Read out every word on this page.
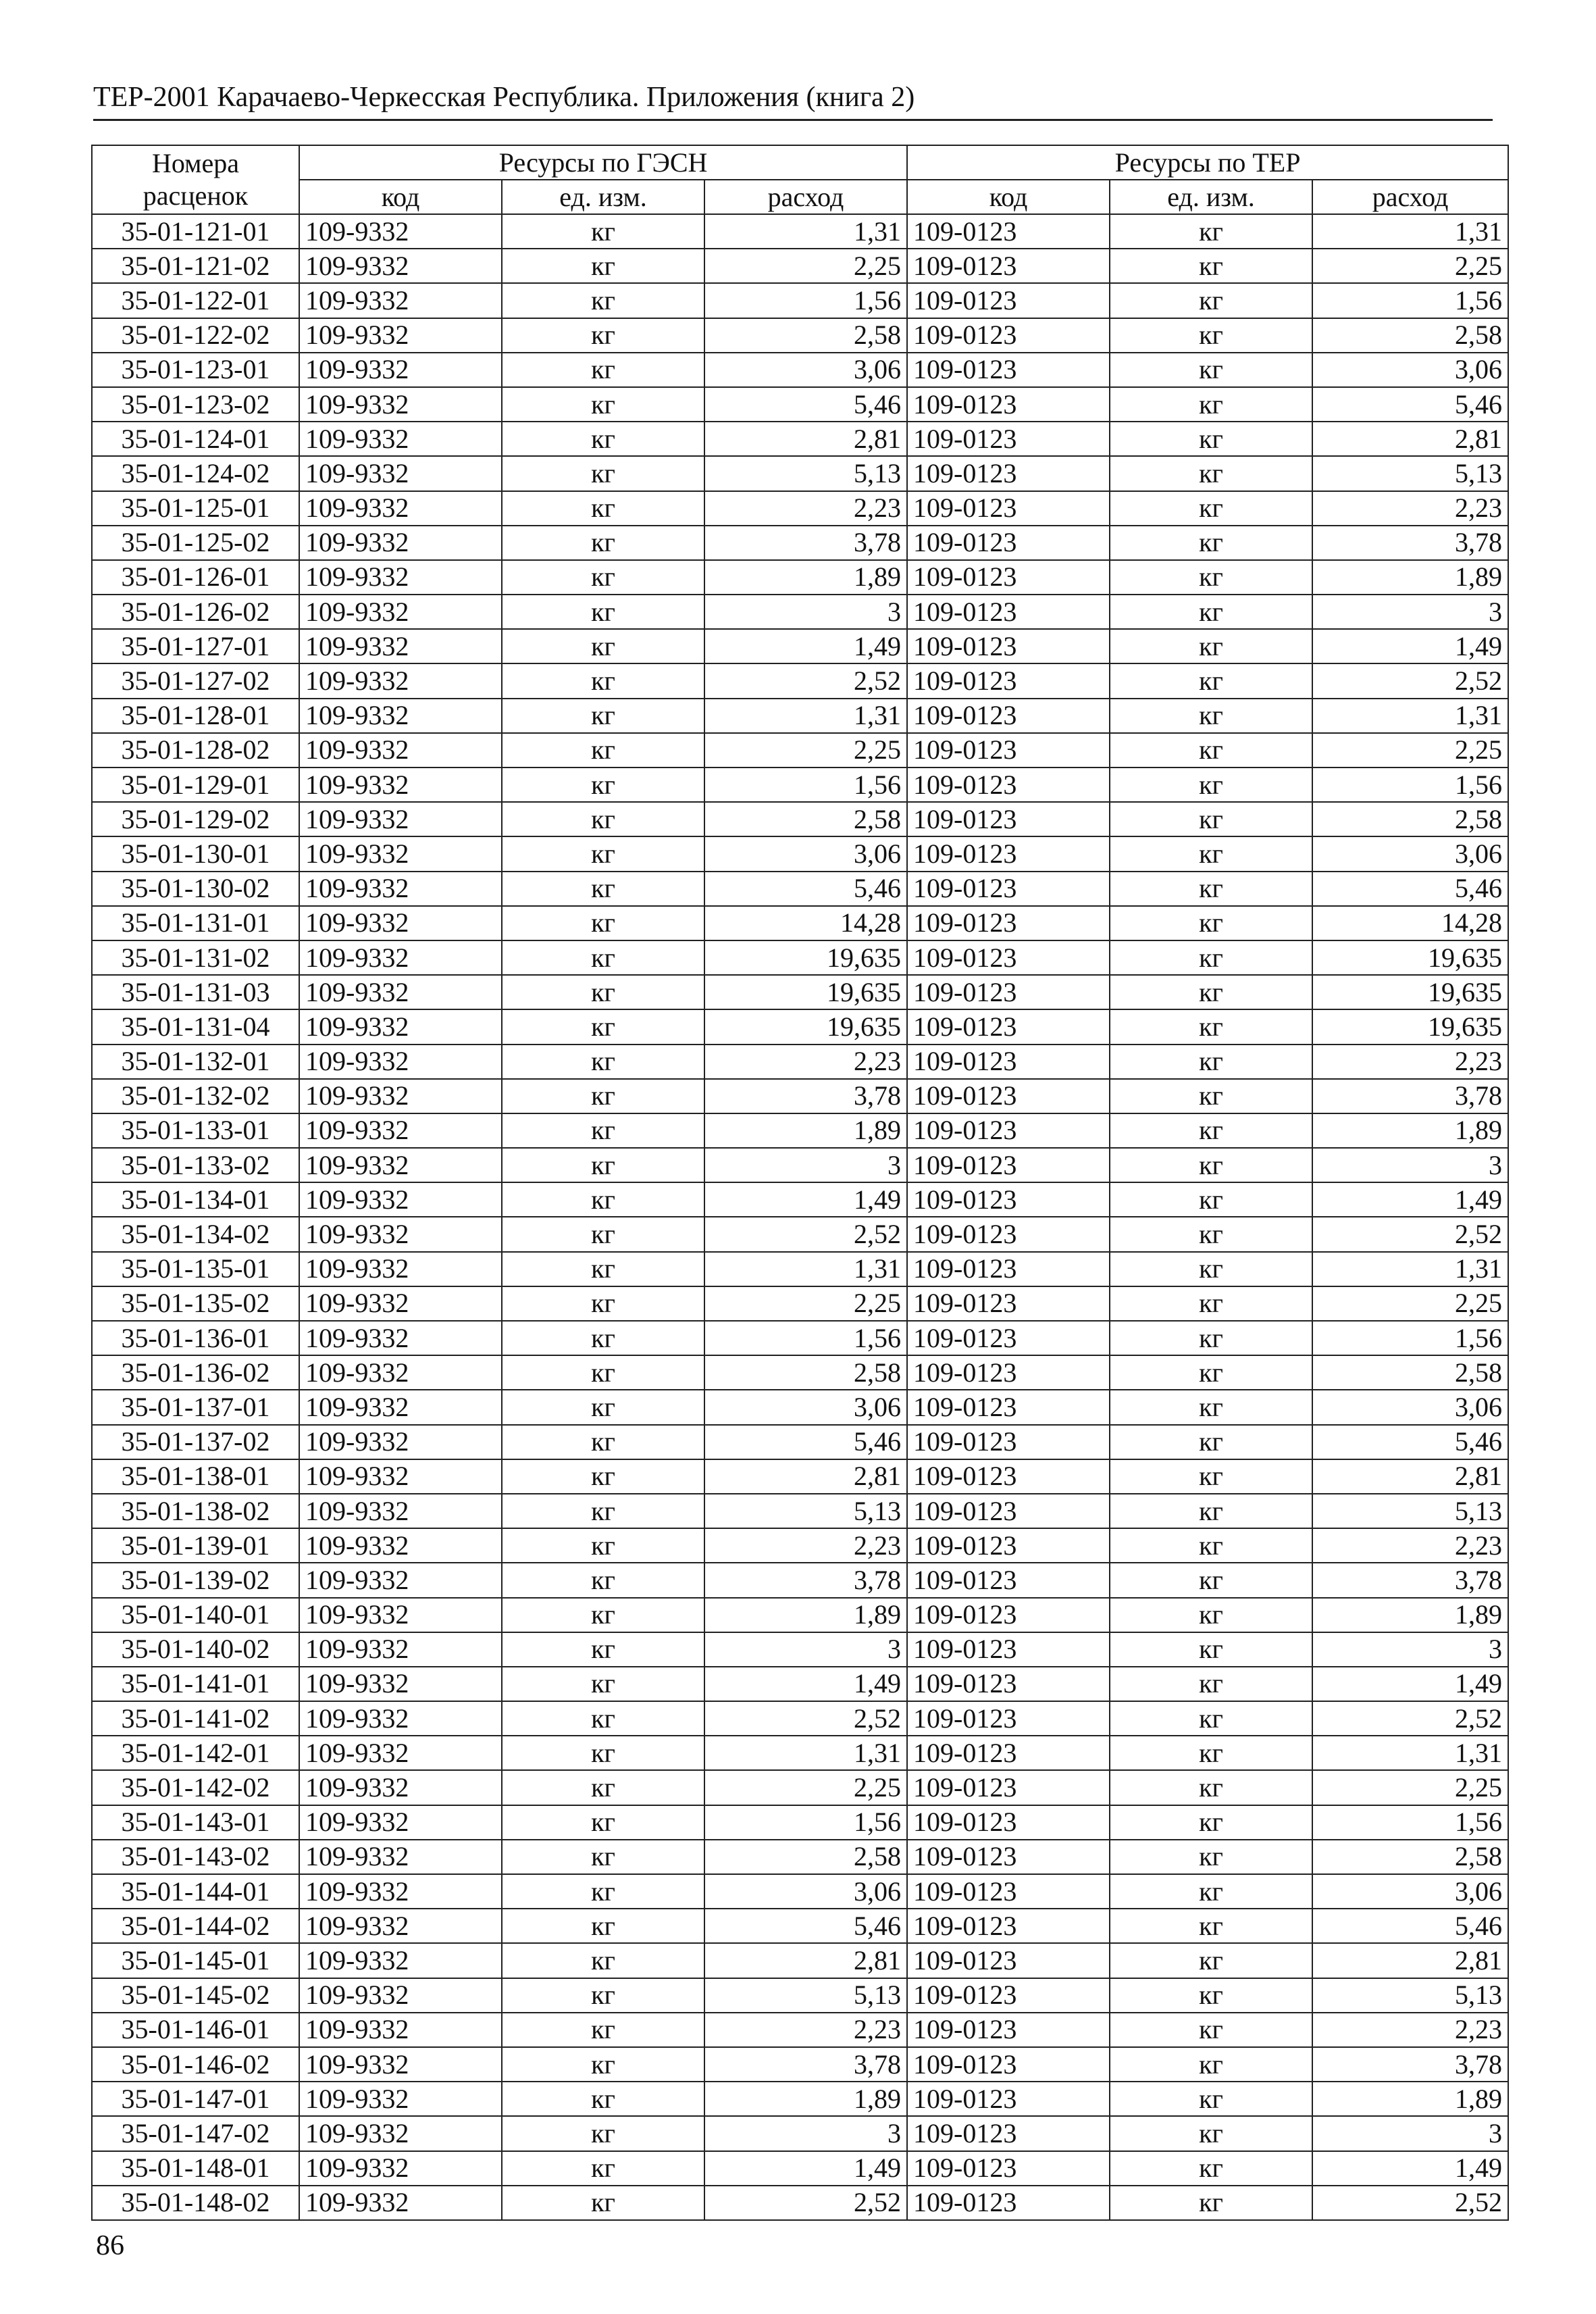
ТЕР-2001 Карачаево-Черкесская Республика. Приложения (книга 2)
Номера
расценок	Ресурсы по ГЭСН			Ресурсы по ТЕР		
	код	ед. изм.	расход	код	ед. изм.	расход
35-01-121-01	109-9332	кг	1,31	109-0123	кг	1,31
35-01-121-02	109-9332	кг	2,25	109-0123	кг	2,25
35-01-122-01	109-9332	кг	1,56	109-0123	кг	1,56
35-01-122-02	109-9332	кг	2,58	109-0123	кг	2,58
35-01-123-01	109-9332	кг	3,06	109-0123	кг	3,06
35-01-123-02	109-9332	кг	5,46	109-0123	кг	5,46
35-01-124-01	109-9332	кг	2,81	109-0123	кг	2,81
35-01-124-02	109-9332	кг	5,13	109-0123	кг	5,13
35-01-125-01	109-9332	кг	2,23	109-0123	кг	2,23
35-01-125-02	109-9332	кг	3,78	109-0123	кг	3,78
35-01-126-01	109-9332	кг	1,89	109-0123	кг	1,89
35-01-126-02	109-9332	кг	3	109-0123	кг	3
35-01-127-01	109-9332	кг	1,49	109-0123	кг	1,49
35-01-127-02	109-9332	кг	2,52	109-0123	кг	2,52
35-01-128-01	109-9332	кг	1,31	109-0123	кг	1,31
35-01-128-02	109-9332	кг	2,25	109-0123	кг	2,25
35-01-129-01	109-9332	кг	1,56	109-0123	кг	1,56
35-01-129-02	109-9332	кг	2,58	109-0123	кг	2,58
35-01-130-01	109-9332	кг	3,06	109-0123	кг	3,06
35-01-130-02	109-9332	кг	5,46	109-0123	кг	5,46
35-01-131-01	109-9332	кг	14,28	109-0123	кг	14,28
35-01-131-02	109-9332	кг	19,635	109-0123	кг	19,635
35-01-131-03	109-9332	кг	19,635	109-0123	кг	19,635
35-01-131-04	109-9332	кг	19,635	109-0123	кг	19,635
35-01-132-01	109-9332	кг	2,23	109-0123	кг	2,23
35-01-132-02	109-9332	кг	3,78	109-0123	кг	3,78
35-01-133-01	109-9332	кг	1,89	109-0123	кг	1,89
35-01-133-02	109-9332	кг	3	109-0123	кг	3
35-01-134-01	109-9332	кг	1,49	109-0123	кг	1,49
35-01-134-02	109-9332	кг	2,52	109-0123	кг	2,52
35-01-135-01	109-9332	кг	1,31	109-0123	кг	1,31
35-01-135-02	109-9332	кг	2,25	109-0123	кг	2,25
35-01-136-01	109-9332	кг	1,56	109-0123	кг	1,56
35-01-136-02	109-9332	кг	2,58	109-0123	кг	2,58
35-01-137-01	109-9332	кг	3,06	109-0123	кг	3,06
35-01-137-02	109-9332	кг	5,46	109-0123	кг	5,46
35-01-138-01	109-9332	кг	2,81	109-0123	кг	2,81
35-01-138-02	109-9332	кг	5,13	109-0123	кг	5,13
35-01-139-01	109-9332	кг	2,23	109-0123	кг	2,23
35-01-139-02	109-9332	кг	3,78	109-0123	кг	3,78
35-01-140-01	109-9332	кг	1,89	109-0123	кг	1,89
35-01-140-02	109-9332	кг	3	109-0123	кг	3
35-01-141-01	109-9332	кг	1,49	109-0123	кг	1,49
35-01-141-02	109-9332	кг	2,52	109-0123	кг	2,52
35-01-142-01	109-9332	кг	1,31	109-0123	кг	1,31
35-01-142-02	109-9332	кг	2,25	109-0123	кг	2,25
35-01-143-01	109-9332	кг	1,56	109-0123	кг	1,56
35-01-143-02	109-9332	кг	2,58	109-0123	кг	2,58
35-01-144-01	109-9332	кг	3,06	109-0123	кг	3,06
35-01-144-02	109-9332	кг	5,46	109-0123	кг	5,46
35-01-145-01	109-9332	кг	2,81	109-0123	кг	2,81
35-01-145-02	109-9332	кг	5,13	109-0123	кг	5,13
35-01-146-01	109-9332	кг	2,23	109-0123	кг	2,23
35-01-146-02	109-9332	кг	3,78	109-0123	кг	3,78
35-01-147-01	109-9332	кг	1,89	109-0123	кг	1,89
35-01-147-02	109-9332	кг	3	109-0123	кг	3
35-01-148-01	109-9332	кг	1,49	109-0123	кг	1,49
35-01-148-02	109-9332	кг	2,52	109-0123	кг	2,52
86
